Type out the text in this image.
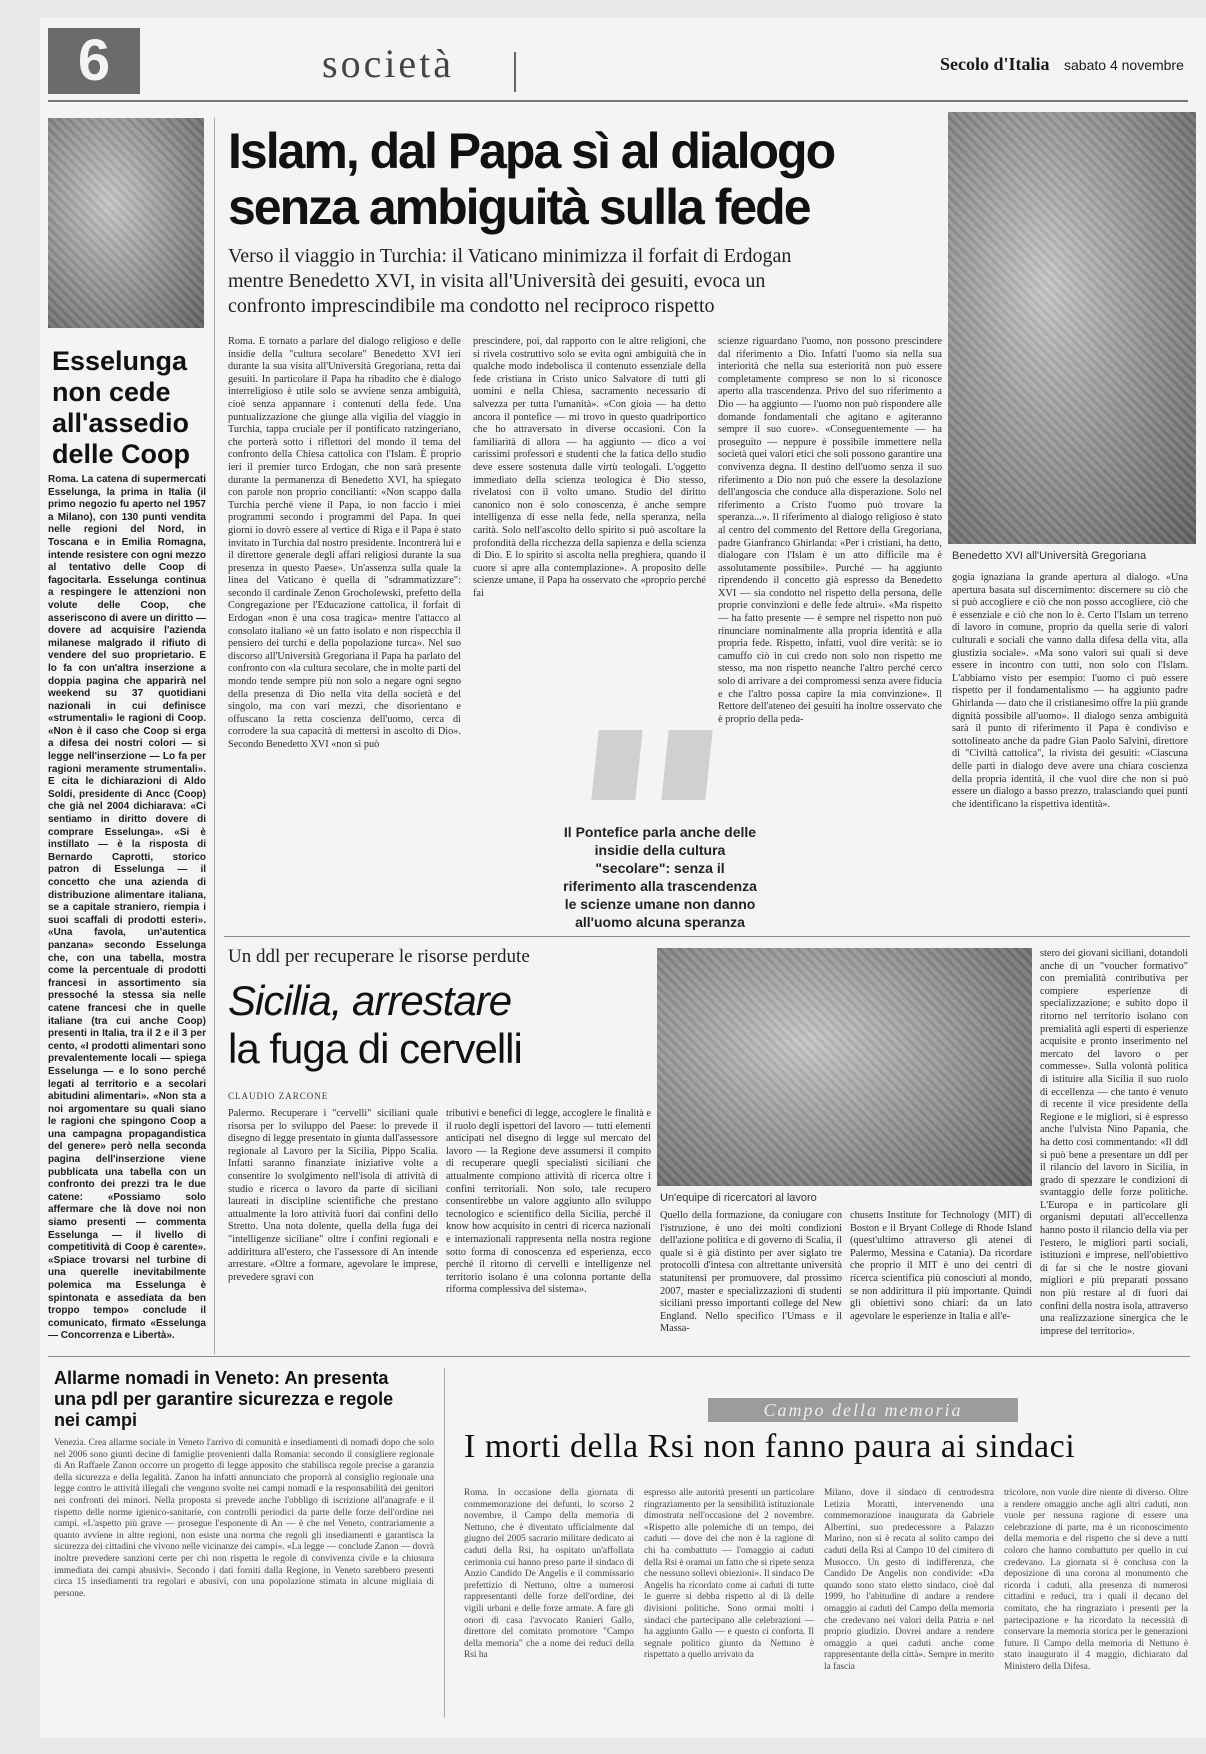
6	società	Secolo d'Italia sabato 4 novembre
Esselunga non cede all'assedio delle Coop
Roma. La catena di supermercati Esselunga, la prima in Italia (il primo negozio fu aperto nel 1957 a Milano), con 130 punti vendita nelle regioni del Nord, in Toscana e in Emilia Romagna, intende resistere con ogni mezzo al tentativo delle Coop di fagocitarla. Esselunga continua a respingere le attenzioni non volute delle Coop, che asseriscono di avere un diritto — dovere ad acquisire l'azienda milanese malgrado il rifiuto di vendere del suo proprietario. E lo fa con un'altra inserzione a doppia pagina che apparirà nel weekend su 37 quotidiani nazionali in cui definisce «strumentali» le ragioni di Coop. «Non è il caso che Coop si erga a difesa dei nostri colori — si legge nell'inserzione — Lo fa per ragioni meramente strumentali». E cita le dichiarazioni di Aldo Soldi, presidente di Ancc (Coop) che già nel 2004 dichiarava: «Ci sentiamo in diritto dovere di comprare Esselunga». «Si è instillato — è la risposta di Bernardo Caprotti, storico patron di Esselunga — il concetto che una azienda di distribuzione alimentare italiana, se a capitale straniero, riempia i suoi scaffali di prodotti esteri». «Una favola, un'autentica panzana» secondo Esselunga che, con una tabella, mostra come la percentuale di prodotti francesi in assortimento sia pressoché la stessa sia nelle catene francesi che in quelle italiane (tra cui anche Coop) presenti in Italia, tra il 2 e il 3 per cento, «I prodotti alimentari sono prevalentemente locali — spiega Esselunga — e lo sono perché legati al territorio e a secolari abitudini alimentari». «Non sta a noi argomentare su quali siano le ragioni che spingono Coop a una campagna propagandistica del genere» però nella seconda pagina dell'inserzione viene pubblicata una tabella con un confronto dei prezzi tra le due catene: «Possiamo solo affermare che là dove noi non siamo presenti — commenta Esselunga — il livello di competitività di Coop è carente». «Spiace trovarsi nel turbine di una querelle inevitabilmente polemica ma Esselunga è spintonata e assediata da ben troppo tempo» conclude il comunicato, firmato «Esselunga — Concorrenza e Libertà».
Islam, dal Papa sì al dialogo
senza ambiguità sulla fede
Verso il viaggio in Turchia: il Vaticano minimizza il forfait di Erdogan mentre Benedetto XVI, in visita all'Università dei gesuiti, evoca un confronto imprescindibile ma condotto nel reciproco rispetto
Benedetto XVI all'Università Gregoriana
Roma. È tornato a parlare del dialogo religioso e delle insidie della "cultura secolare" Benedetto XVI ieri durante la sua visita all'Università Gregoriana, retta dai gesuiti. In particolare il Papa ha ribadito che è dialogo interreligioso è utile solo se avviene senza ambiguità, cioè senza appannare i contenuti della fede. Una puntualizzazione che giunge alla vigilia del viaggio in Turchia, tappa cruciale per il pontificato ratzingeriano, che porterà sotto i riflettori del mondo il tema del confronto della Chiesa cattolica con l'Islam. È proprio ieri il premier turco Erdogan, che non sarà presente durante la permanenza di Benedetto XVI, ha spiegato con parole non proprio concilianti: «Non scappo dalla Turchia perché viene il Papa, io non faccio i miei programmi secondo i programmi del Papa. In quei giorni io dovrò essere al vertice di Riga e il Papa è stato invitato in Turchia dal nostro presidente. Incontrerà lui e il direttore generale degli affari religiosi durante la sua presenza in questo Paese». Un'assenza sulla quale la linea del Vaticano è quella di "sdrammatizzare": secondo il cardinale Zenon Grocholewski, prefetto della Congregazione per l'Educazione cattolica, il forfait di Erdogan «non è una cosa tragica» mentre l'attacco al consolato italiano «è un fatto isolato e non rispecchia il pensiero dei turchi e della popolazione turca». Nel suo discorso all'Università Gregoriana il Papa ha parlato del confronto con «la cultura secolare, che in molte parti del mondo tende sempre più non solo a negare ogni segno della presenza di Dio nella vita della società e del singolo, ma con vari mezzi, che disorientano e offuscano la retta coscienza dell'uomo, cerca di corrodere la sua capacità di mettersi in ascolto di Dio». Secondo Benedetto XVI «non si può
prescindere, poi, dal rapporto con le altre religioni, che si rivela costruttivo solo se evita ogni ambiguità che in qualche modo indebolisca il contenuto essenziale della fede cristiana in Cristo unico Salvatore di tutti gli uomini e nella Chiesa, sacramento necessario di salvezza per tutta l'umanità». «Con gioia — ha detto ancora il pontefice — mi trovo in questo quadriportico che ho attraversato in diverse occasioni. Con la familiarità di allora — ha aggiunto — dico a voi carissimi professori e studenti che la fatica dello studio deve essere sostenuta dalle virtù teologali. L'oggetto immediato della scienza teologica è Dio stesso, rivelatosi con il volto umano. Studio del diritto canonico non è solo conoscenza, è anche sempre intelligenza di esse nella fede, nella speranza, nella carità. Solo nell'ascolto dello spirito si può ascoltare la profondità della ricchezza della sapienza e della scienza di Dio. E lo spirito si ascolta nella preghiera, quando il cuore si apre alla contemplazione». A proposito delle scienze umane, il Papa ha osservato che «proprio perché fai
scienze riguardano l'uomo, non possono prescindere dal riferimento a Dio. Infatti l'uomo sia nella sua interiorità che nella sua esteriorità non può essere completamente compreso se non lo si riconosce aperto alla trascendenza. Privo del suo riferimento a Dio — ha aggiunto — l'uomo non può rispondere alle domande fondamentali che agitano e agiteranno sempre il suo cuore». «Conseguentemente — ha proseguito — neppure è possibile immettere nella società quei valori etici che soli possono garantire una convivenza degna. Il destino dell'uomo senza il suo riferimento a Dio non può che essere la desolazione dell'angoscia che conduce alla disperazione. Solo nel riferimento a Cristo l'uomo può trovare la speranza...». Il riferimento al dialogo religioso è stato al centro del commento del Rettore della Gregoriana, padre Gianfranco Ghirlanda: «Per i cristiani, ha detto, dialogare con l'Islam è un atto difficile ma è assolutamente possibile». Purché — ha aggiunto riprendendo il concetto già espresso da Benedetto XVI — sia condotto nel rispetto della persona, delle proprie convinzioni e delle fede altrui». «Ma rispetto — ha fatto presente — è sempre nel rispetto non può rinunciare nominalmente alla propria identità e alla propria fede. Rispetto, infatti, vuol dire verità: se io camuffo ciò in cui credo non solo non rispetto me stesso, ma non rispetto neanche l'altro perché cerco solo di arrivare a dei compromessi senza avere fiducia e che l'altro possa capire la mia convinzione». Il Rettore dell'ateneo dei gesuiti ha inoltre osservato che è proprio della peda-
gogia ignaziana la grande apertura al dialogo. «Una apertura basata sul discernimento: discernere su ciò che si può accogliere e ciò che non posso accogliere, ciò che è essenziale e ciò che non lo è. Certo l'Islam un terreno di lavoro in comune, proprio da quella serie di valori culturali e sociali che vanno dalla difesa della vita, alla giustizia sociale». «Ma sono valori sui quali si deve essere in incontro con tutti, non solo con l'Islam. L'abbiamo visto per esempio: l'uomo ci può essere rispetto per il fondamentalismo — ha aggiunto padre Ghirlanda — dato che il cristianesimo offre la più grande dignità possibile all'uomo». Il dialogo senza ambiguità sarà il punto di riferimento il Papa è condiviso e sottolineato anche da padre Gian Paolo Salvini, direttore di "Civiltà cattolica", la rivista dei gesuiti: «Ciascuna delle parti in dialogo deve avere una chiara coscienza della propria identità, il che vuol dire che non si può essere un dialogo a basso prezzo, tralasciando quei punti che identificano la rispettiva identità».
Il Pontefice parla anche delle insidie della cultura "secolare": senza il riferimento alla trascendenza le scienze umane non danno all'uomo alcuna speranza
Un ddl per recuperare le risorse perdute
Sicilia, arrestare
la fuga di cervelli
CLAUDIO ZARCONE
Un'equipe di ricercatori al lavoro
Palermo. Recuperare i "cervelli" siciliani quale risorsa per lo sviluppo del Paese: lo prevede il disegno di legge presentato in giunta dall'assessore regionale al Lavoro per la Sicilia, Pippo Scalia. Infatti saranno finanziate iniziative volte a consentire lo svolgimento nell'isola di attività di studio e ricerca o lavoro da parte di siciliani laureati in discipline scientifiche che prestano attualmente la loro attività fuori dai confini dello Stretto. Una nota dolente, quella della fuga dei "intelligenze siciliane" oltre i confini regionali e addirittura all'estero, che l'assessore di An intende arrestare. «Oltre a formare, agevolare le imprese, prevedere sgravi con
tributivi e benefici di legge, accoglere le finalità e il ruolo degli ispettori del lavoro — tutti elementi anticipati nel disegno di legge sul mercato del lavoro — la Regione deve assumersi il compito di recuperare quegli specialisti siciliani che attualmente compiono attività di ricerca oltre i confini territoriali. Non solo, tale recupero consentirebbe un valore aggiunto allo sviluppo tecnologico e scientifico della Sicilia, perché il know how acquisito in centri di ricerca nazionali e internazionali rappresenta nella nostra regione sotto forma di conoscenza ed esperienza, ecco perché il ritorno di cervelli e intelligenze nel territorio isolano è una colonna portante della riforma complessiva del sistema».
Quello della formazione, da coniugare con l'istruzione, è uno dei molti condizioni dell'azione politica e di governo di Scalia, il quale si è già distinto per aver siglato tre protocolli d'intesa con altrettante università statunitensi per promuovere, dal prossimo 2007, master e specializzazioni di studenti siciliani presso importanti college del New England. Nello specifico l'Umass e il Massa-
chusetts Institute for Technology (MIT) di Boston e il Bryant College di Rhode Island (quest'ultimo attraverso gli atenei di Palermo, Messina e Catania). Da ricordare che proprio il MIT è uno dei centri di ricerca scientifica più conosciuti al mondo, se non addirittura il più importante. Quindi gli obiettivi sono chiari: da un lato agevolare le esperienze in Italia e all'e-
stero dei giovani siciliani, dotandoli anche di un "voucher formativo" con premialità contributiva per compiere esperienze di specializzazione; e subito dopo il ritorno nel territorio isolano con premialità agli esperti di esperienze acquisite e pronto inserimento nel mercato del lavoro o per commesse». Sulla volontà politica di istituire alla Sicilia il suo ruolo di eccellenza — che tanto è venuto di recente il vice presidente della Regione e le migliori, si è espresso anche l'ulvista Nino Papania, che ha detto così commentando: «Il ddl si può bene a presentare un ddl per il rilancio del lavoro in Sicilia, in grado di spezzare le condizioni di svantaggio delle forze politiche. L'Europa e in particolare gli organismi deputati all'eccellenza hanno posto il rilancio della via per l'estero, le migliori parti sociali, istituzioni e imprese, nell'obiettivo di far si che le nostre giovani migliori e più preparati possano non più restare al di fuori dai confini della nostra isola, attraverso una realizzazione sinergica che le imprese del territorio».
Allarme nomadi in Veneto: An presenta una pdl per garantire sicurezza e regole nei campi
Venezia. Crea allarme sociale in Veneto l'arrivo di comunità e insediamenti di nomadi dopo che solo nel 2006 sono giunti decine di famiglie provenienti dalla Romania: secondo il consigliere regionale di An Raffaele Zanon occorre un progetto di legge apposito che stabilisca regole precise a garanzia della sicurezza e della legalità. Zanon ha infatti annunciato che proporrà al consiglio regionale una legge contro le attività illegali che vengono svolte nei campi nomadi e la responsabilità dei genitori nei confronti dei minori. Nella proposta si prevede anche l'obbligo di iscrizione all'anagrafe e il rispetto delle norme igienico-sanitarie, con controlli periodici da parte delle forze dell'ordine nei campi. «L'aspetto più grave — prosegue l'esponente di An — è che nel Veneto, contrariamente a quanto avviene in altre regioni, non esiste una norma che regoli gli insediamenti e garantisca la sicurezza dei cittadini che vivono nelle vicinanze dei campi». «La legge — conclude Zanon — dovrà inoltre prevedere sanzioni certe per chi non rispetta le regole di convivenza civile e la chiusura immediata dei campi abusivi». Secondo i dati forniti dalla Regione, in Veneto sarebbero presenti circa 15 insediamenti tra regolari e abusivi, con una popolazione stimata in alcune migliaia di persone.
Campo della memoria
I morti della Rsi non fanno paura ai sindaci
Roma. In occasione della giornata di commemorazione dei defunti, lo scorso 2 novembre, il Campo della memoria di Nettuno, che è diventato ufficialmente dal giugno del 2005 sacrario militare dedicato ai caduti della Rsi, ha ospitato un'affollata cerimonia cui hanno preso parte il sindaco di Anzio Candido De Angelis e il commissario prefettizio di Nettuno, oltre a numerosi rappresentanti delle forze dell'ordine, dei vigili urbani e delle forze armate. A fare gli onori di casa l'avvocato Ranieri Gallo, direttore del comitato promotore "Campo della memoria" che a nome dei reduci della Rsi ha
espresso alle autorità presenti un particolare ringraziamento per la sensibilità istituzionale dimostrata nell'occasione del 2 novembre. «Rispetto alle polemiche di un tempo, dei caduti — dove dei che non è la ragione di chi ha combattuto — l'omaggio ai caduti della Rsi è oramai un fatto che si ripete senza che nessuno sollevi obiezioni». Il sindaco De Angelis ha ricordato come ai caduti di tutte le guerre si debba rispetto al di là delle divisioni politiche. Sono ormai molti i sindaci che partecipano alle celebrazioni — ha aggiunto Gallo — e questo ci conforta. Il segnale politico giunto da Nettuno è rispettato a quello arrivato da
Milano, dove il sindaco di centrodestra Letizia Moratti, intervenendo una commemorazione inaugurata da Gabriele Albertini, suo predecessore a Palazzo Marino, non si è recata al solito campo dei caduti della Rsi al Campo 10 del cimitero di Musocco. Un gesto di indifferenza, che Candido De Angelis non condivide: «Da quando sono stato eletto sindaco, cioè dal 1999, ho l'abitudine di andare a rendere omaggio ai caduti del Campo della memoria che credevano nei valori della Patria e nel proprio giudizio. Dovrei andare a rendere omaggio a quei caduti anche come rappresentante della città». Sempre in merito la fascia
tricolore, non vuole dire niente di diverso. Oltre a rendere omaggio anche agli altri caduti, non vuole per nessuna ragione di essere una celebrazione di parte, ma è un riconoscimento della memoria e del rispetto che si deve a tutti coloro che hanno combattuto per quello in cui credevano. La giornata si è conclusa con la deposizione di una corona al monumento che ricorda i caduti, alla presenza di numerosi cittadini e reduci, tra i quali il decano del comitato, che ha ringraziato i presenti per la partecipazione e ha ricordato la necessità di conservare la memoria storica per le generazioni future. Il Campo della memoria di Nettuno è stato inaugurato il 4 maggio, dichiarato dal Ministero della Difesa.
